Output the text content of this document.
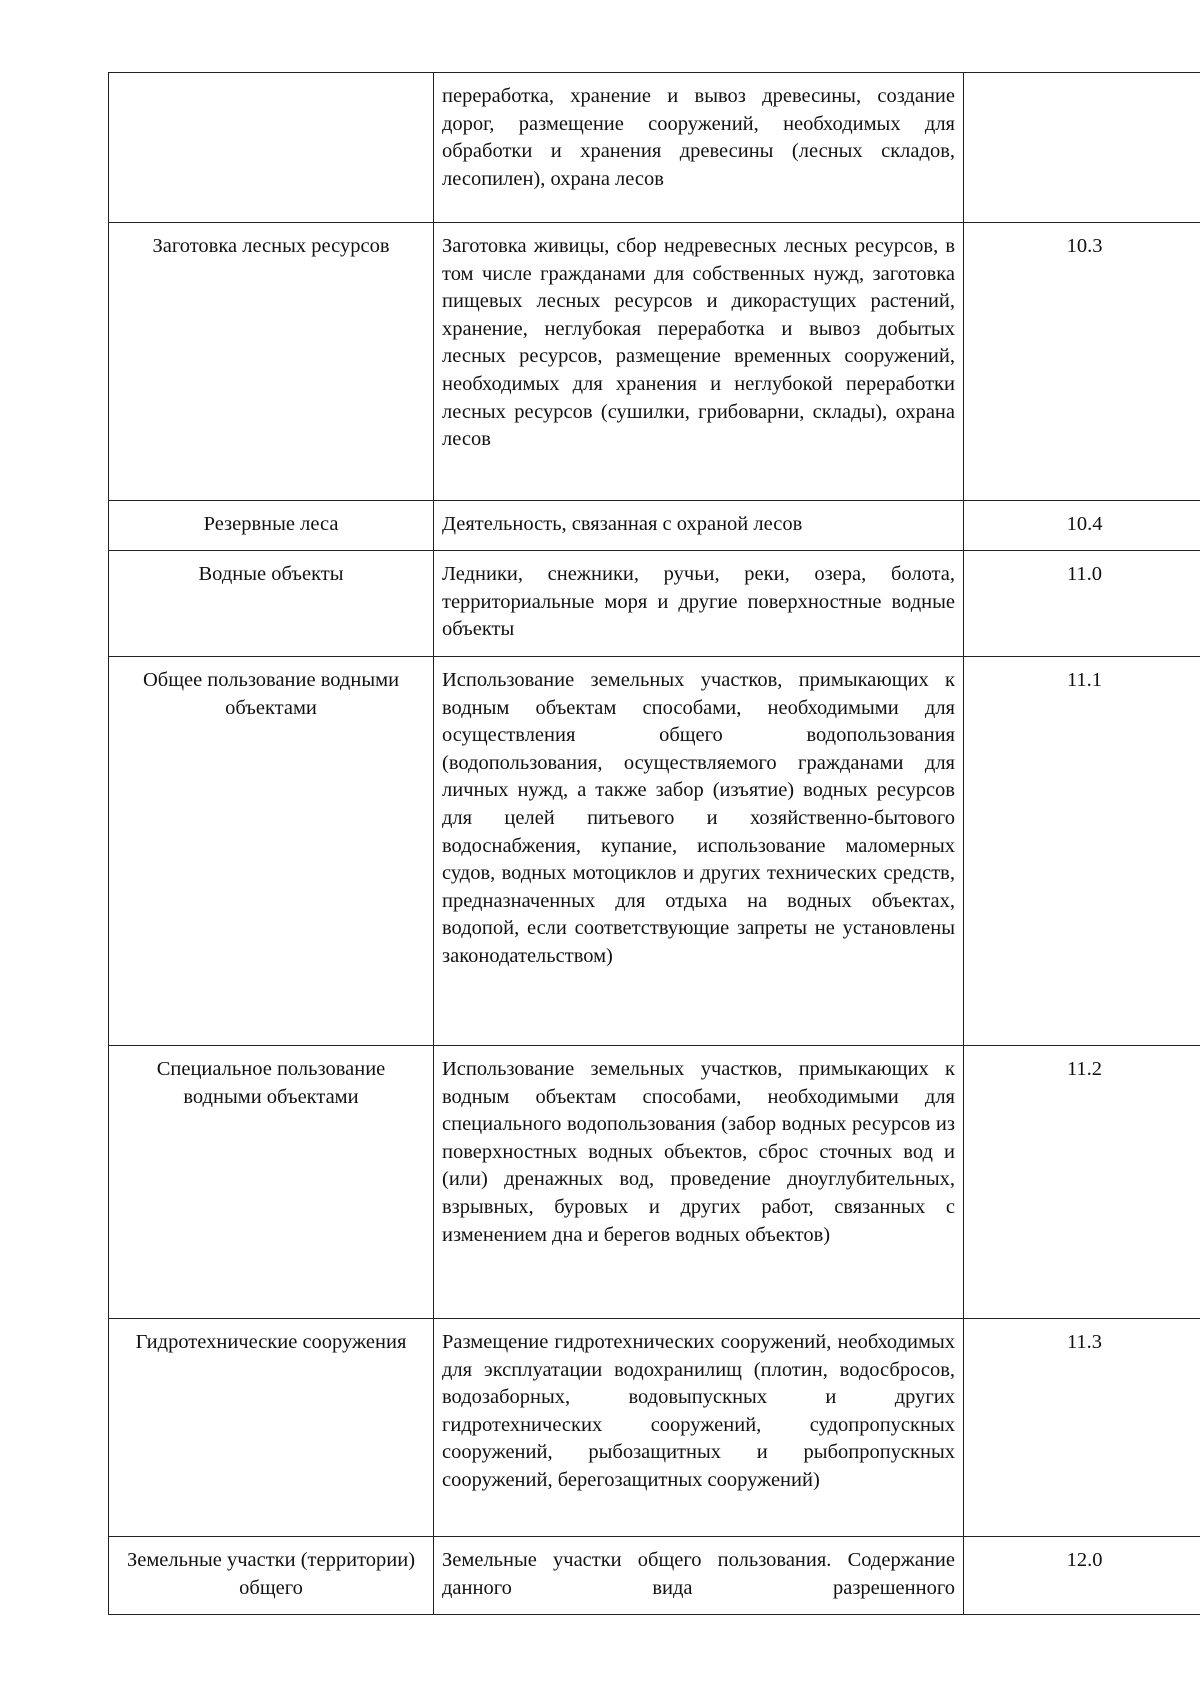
	переработка, хранение и вывоз древесины, создание дорог, размещение сооружений, необходимых для обработки и хранения древесины (лесных складов, лесопилен), охрана лесов	

Заготовка лесных ресурсов	Заготовка живицы, сбор недревесных лесных ресурсов, в том числе гражданами для собственных нужд, заготовка пищевых лесных ресурсов и дикорастущих растений, хранение, неглубокая переработка и вывоз добытых лесных ресурсов, размещение временных сооружений, необходимых для хранения и неглубокой переработки лесных ресурсов (сушилки, грибоварни, склады), охрана лесов	10.3
Резервные леса	Деятельность, связанная с охраной лесов	10.4
Водные объекты	Ледники, снежники, ручьи, реки, озера, болота, территориальные моря и другие поверхностные водные объекты	11.0
Общее пользование водными объектами	Использование земельных участков, примыкающих к водным объектам способами, необходимыми для осуществления общего водопользования (водопользования, осуществляемого гражданами для личных нужд, а также забор (изъятие) водных ресурсов для целей питьевого и хозяйственно-бытового водоснабжения, купание, использование маломерных судов, водных мотоциклов и других технических средств, предназначенных для отдыха на водных объектах, водопой, если соответствующие запреты не установлены законодательством)	11.1
Специальное пользование водными объектами	Использование земельных участков, примыкающих к водным объектам способами, необходимыми для специального водопользования (забор водных ресурсов из поверхностных водных объектов, сброс сточных вод и (или) дренажных вод, проведение дноуглубительных, взрывных, буровых и других работ, связанных с изменением дна и берегов водных объектов)	11.2
Гидротехнические сооружения	Размещение гидротехнических сооружений, необходимых для эксплуатации водохранилищ (плотин, водосбросов, водозаборных, водовыпускных и других гидротехнических сооружений, судопропускных сооружений, рыбозащитных и рыбопропускных сооружений, берегозащитных сооружений)	11.3
Земельные участки (территории) общего	Земельные участки общего пользования. Содержание данного вида разрешенного	12.0
